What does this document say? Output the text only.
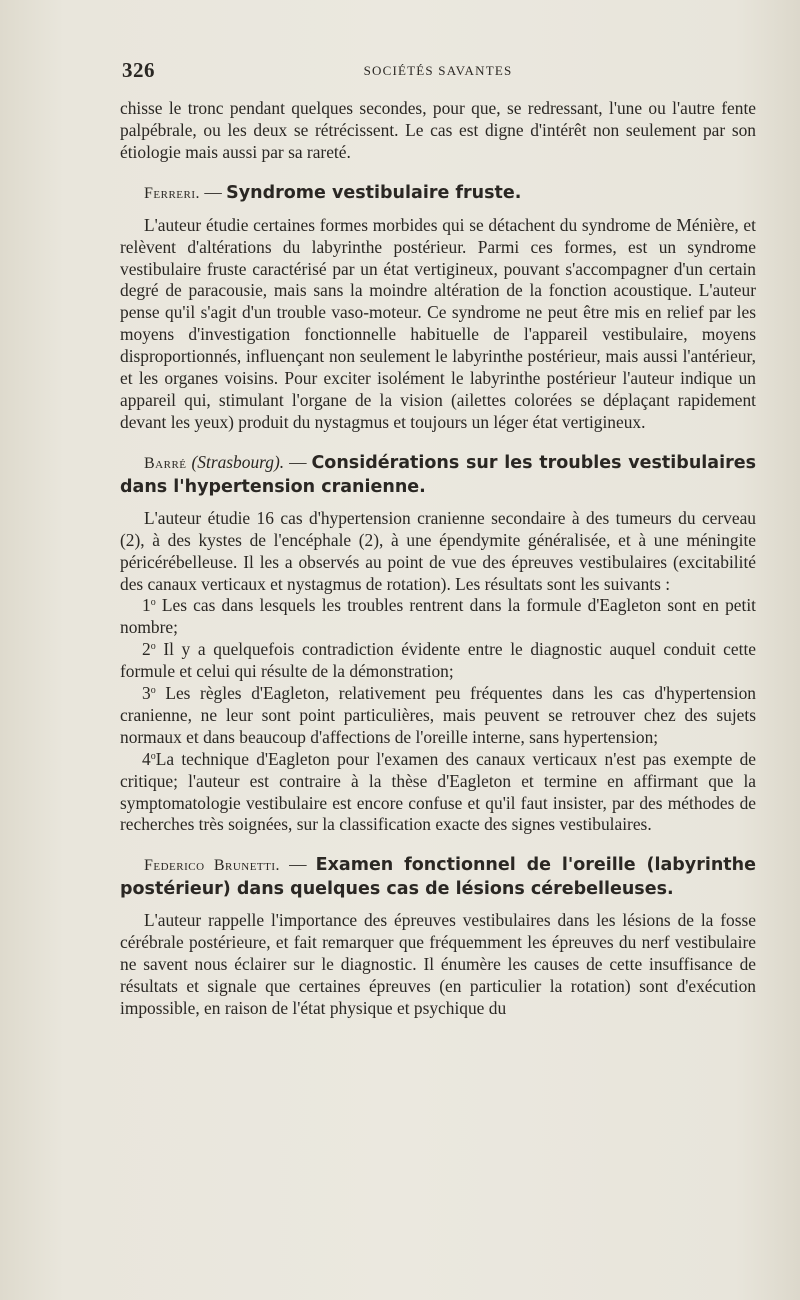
326	SOCIÉTÉS SAVANTES

chisse le tronc pendant quelques secondes, pour que, se redressant, l'une ou l'autre fente palpébrale, ou les deux se rétrécissent. Le cas est digne d'intérêt non seulement par son étiologie mais aussi par sa rareté.

Ferreri. — Syndrome vestibulaire fruste.

L'auteur étudie certaines formes morbides qui se détachent du syndrome de Ménière, et relèvent d'altérations du labyrinthe postérieur. Parmi ces formes, est un syndrome vestibulaire fruste caractérisé par un état vertigineux, pouvant s'accompagner d'un certain degré de paracousie, mais sans la moindre altération de la fonction acoustique. L'auteur pense qu'il s'agit d'un trouble vaso-moteur. Ce syndrome ne peut être mis en relief par les moyens d'investigation fonctionnelle habituelle de l'appareil vestibulaire, moyens disproportionnés, influençant non seulement le labyrinthe postérieur, mais aussi l'antérieur, et les organes voisins. Pour exciter isolément le labyrinthe postérieur l'auteur indique un appareil qui, stimulant l'organe de la vision (ailettes colorées se déplaçant rapidement devant les yeux) produit du nystagmus et toujours un léger état vertigineux.

Barré (Strasbourg). — Considérations sur les troubles vestibulaires dans l'hypertension cranienne.

L'auteur étudie 16 cas d'hypertension cranienne secondaire à des tumeurs du cerveau (2), à des kystes de l'encéphale (2), à une épendymite généralisée, et à une méningite péricérébelleuse. Il les a observés au point de vue des épreuves vestibulaires (excitabilité des canaux verticaux et nystagmus de rotation). Les résultats sont les suivants :

1$^o$ Les cas dans lesquels les troubles rentrent dans la formule d'Eagleton sont en petit nombre;

2$^o$ Il y a quelquefois contradiction évidente entre le diagnostic auquel conduit cette formule et celui qui résulte de la démonstration;

3$^o$ Les règles d'Eagleton, relativement peu fréquentes dans les cas d'hypertension cranienne, ne leur sont point particulières, mais peuvent se retrouver chez des sujets normaux et dans beaucoup d'affections de l'oreille interne, sans hypertension;

4$^o$La technique d'Eagleton pour l'examen des canaux verticaux n'est pas exempte de critique; l'auteur est contraire à la thèse d'Eagleton et termine en affirmant que la symptomatologie vestibulaire est encore confuse et qu'il faut insister, par des méthodes de recherches très soignées, sur la classification exacte des signes vestibulaires.

Federico Brunetti. — Examen fonctionnel de l'oreille (labyrinthe postérieur) dans quelques cas de lésions cérebelleuses.

L'auteur rappelle l'importance des épreuves vestibulaires dans les lésions de la fosse cérébrale postérieure, et fait remarquer que fréquemment les épreuves du nerf vestibulaire ne savent nous éclairer sur le diagnostic. Il énumère les causes de cette insuffisance de résultats et signale que certaines épreuves (en particulier la rotation) sont d'exécution impossible, en raison de l'état physique et psychique du
